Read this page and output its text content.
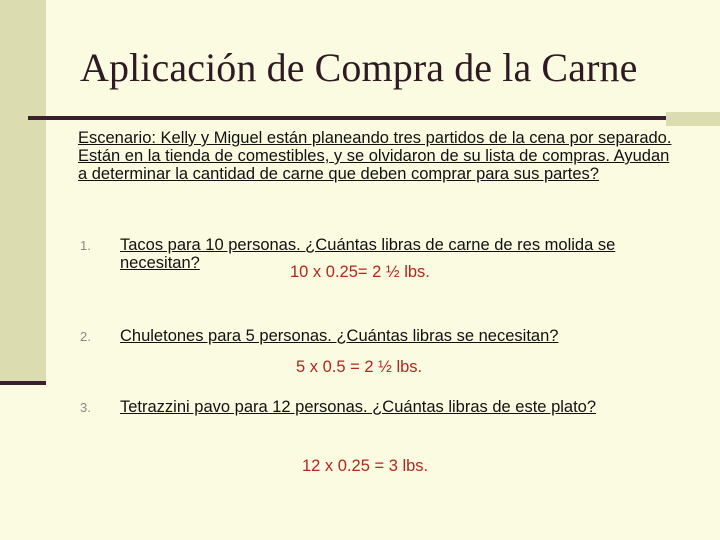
Aplicación de Compra de la Carne
Escenario: Kelly y Miguel están planeando tres partidos de la cena por separado. Están en la tienda de comestibles, y se olvidaron de su lista de compras. Ayudan a determinar la cantidad de carne que deben comprar para sus partes?
1. Tacos para 10 personas. ¿Cuántas libras de carne de res molida se necesitan?	10 x 0.25= 2 ½ lbs.
2. Chuletones para 5 personas. ¿Cuántas libras se necesitan?
5 x 0.5 = 2 ½ lbs.
3. Tetrazzini pavo para 12 personas. ¿Cuántas libras de este plato?
12 x 0.25 = 3 lbs.
